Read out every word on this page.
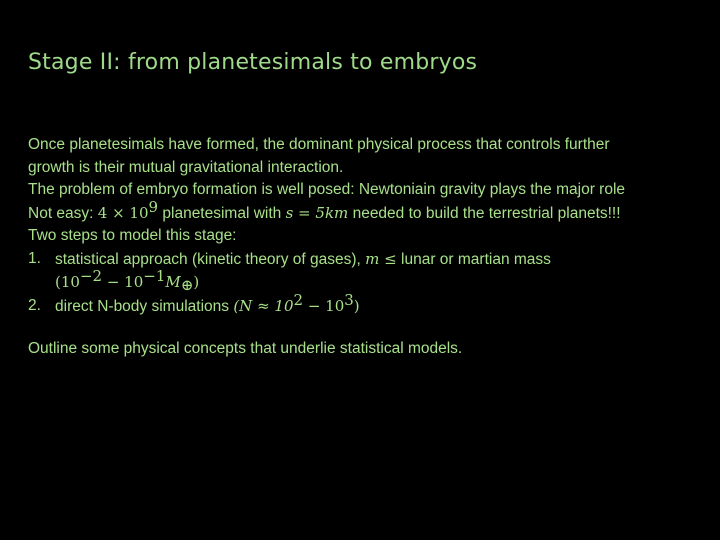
Stage II: from planetesimals to embryos
Once planetesimals have formed, the dominant physical process that controls further
growth is their mutual gravitational interaction.
The problem of embryo formation is well posed: Newtoniain gravity plays the major role
Not easy: $4 \times 10^9$ planetesimal with s = 5km needed to build the terrestrial planets!!!
Two steps to model this stage:
1. statistical approach (kinetic theory of gases), m ≤ lunar or martian mass
$(10^{-2} - 10^{-1}M_\oplus)$
2. direct N-body simulations $(N \approx 10^2 - 10^3)$
Outline some physical concepts that underlie statistical models.
